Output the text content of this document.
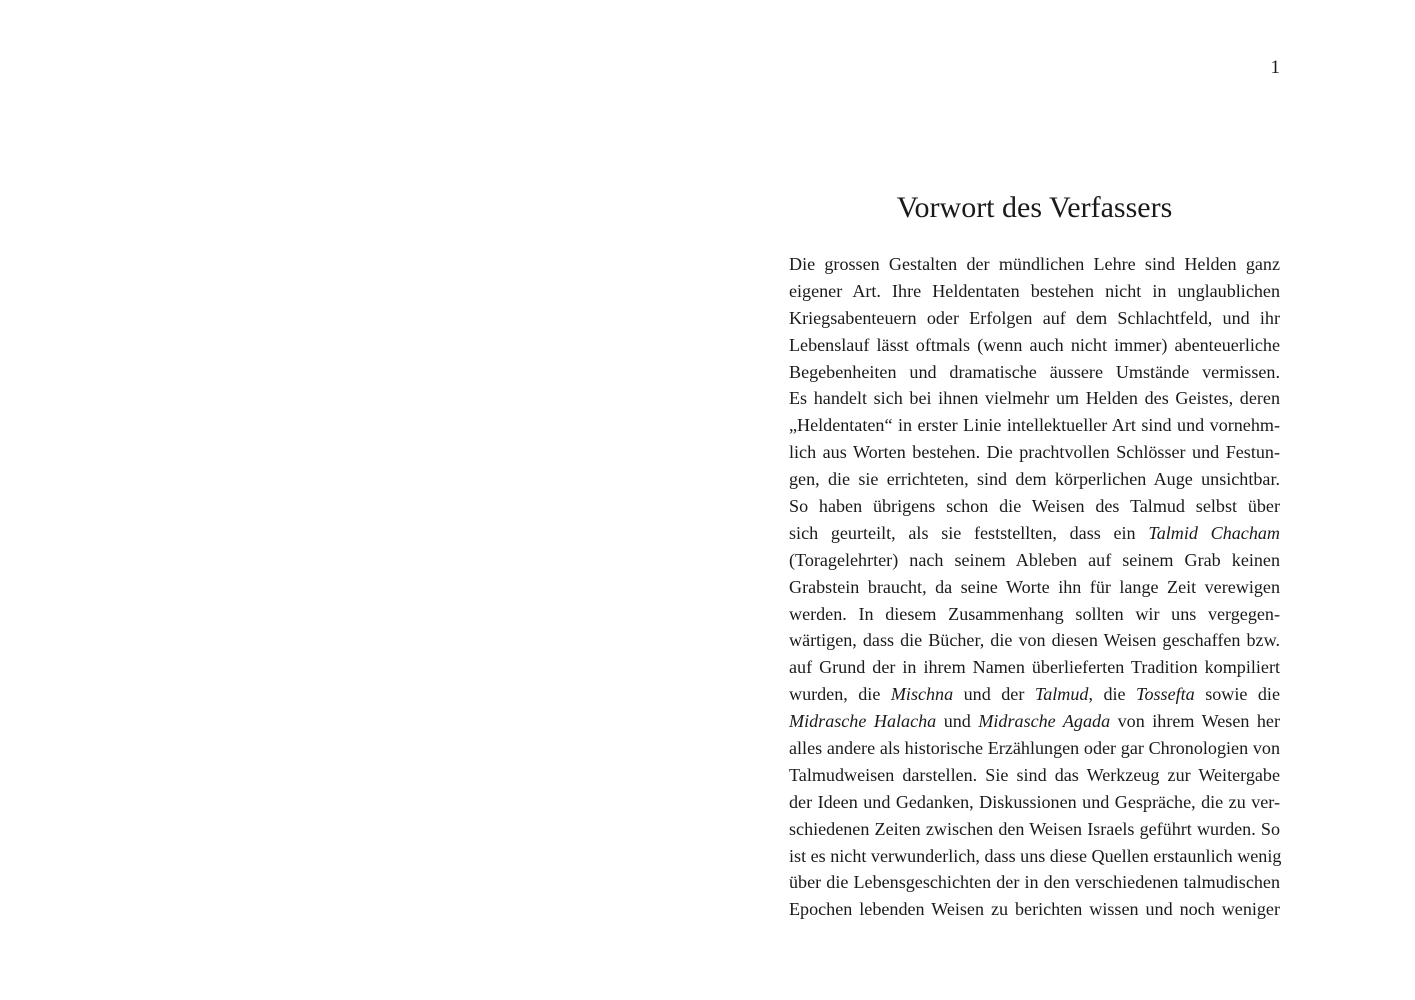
1
Vorwort des Verfassers
Die grossen Gestalten der mündlichen Lehre sind Helden ganz
eigener Art. Ihre Heldentaten bestehen nicht in unglaublichen
Kriegsabenteuern oder Erfolgen auf dem Schlachtfeld, und ihr
Lebenslauf lässt oftmals (wenn auch nicht immer) abenteuerliche
Begebenheiten und dramatische äussere Umstände vermissen.
Es handelt sich bei ihnen vielmehr um Helden des Geistes, deren
„Heldentaten“ in erster Linie intellektueller Art sind und vornehm-
lich aus Worten bestehen. Die prachtvollen Schlösser und Festun-
gen, die sie errichteten, sind dem körperlichen Auge unsichtbar.
So haben übrigens schon die Weisen des Talmud selbst über
sich geurteilt, als sie feststellten, dass ein Talmid Chacham
(Toragelehrter) nach seinem Ableben auf seinem Grab keinen
Grabstein braucht, da seine Worte ihn für lange Zeit verewigen
werden. In diesem Zusammenhang sollten wir uns vergegen-
wärtigen, dass die Bücher, die von diesen Weisen geschaffen bzw.
auf Grund der in ihrem Namen überlieferten Tradition kompiliert
wurden, die Mischna und der Talmud, die Tossefta sowie die
Midrasche Halacha und Midrasche Agada von ihrem Wesen her
alles andere als historische Erzählungen oder gar Chronologien von
Talmudweisen darstellen. Sie sind das Werkzeug zur Weitergabe
der Ideen und Gedanken, Diskussionen und Gespräche, die zu ver-
schiedenen Zeiten zwischen den Weisen Israels geführt wurden. So
ist es nicht verwunderlich, dass uns diese Quellen erstaunlich wenig
über die Lebensgeschichten der in den verschiedenen talmudischen
Epochen lebenden Weisen zu berichten wissen und noch weniger
